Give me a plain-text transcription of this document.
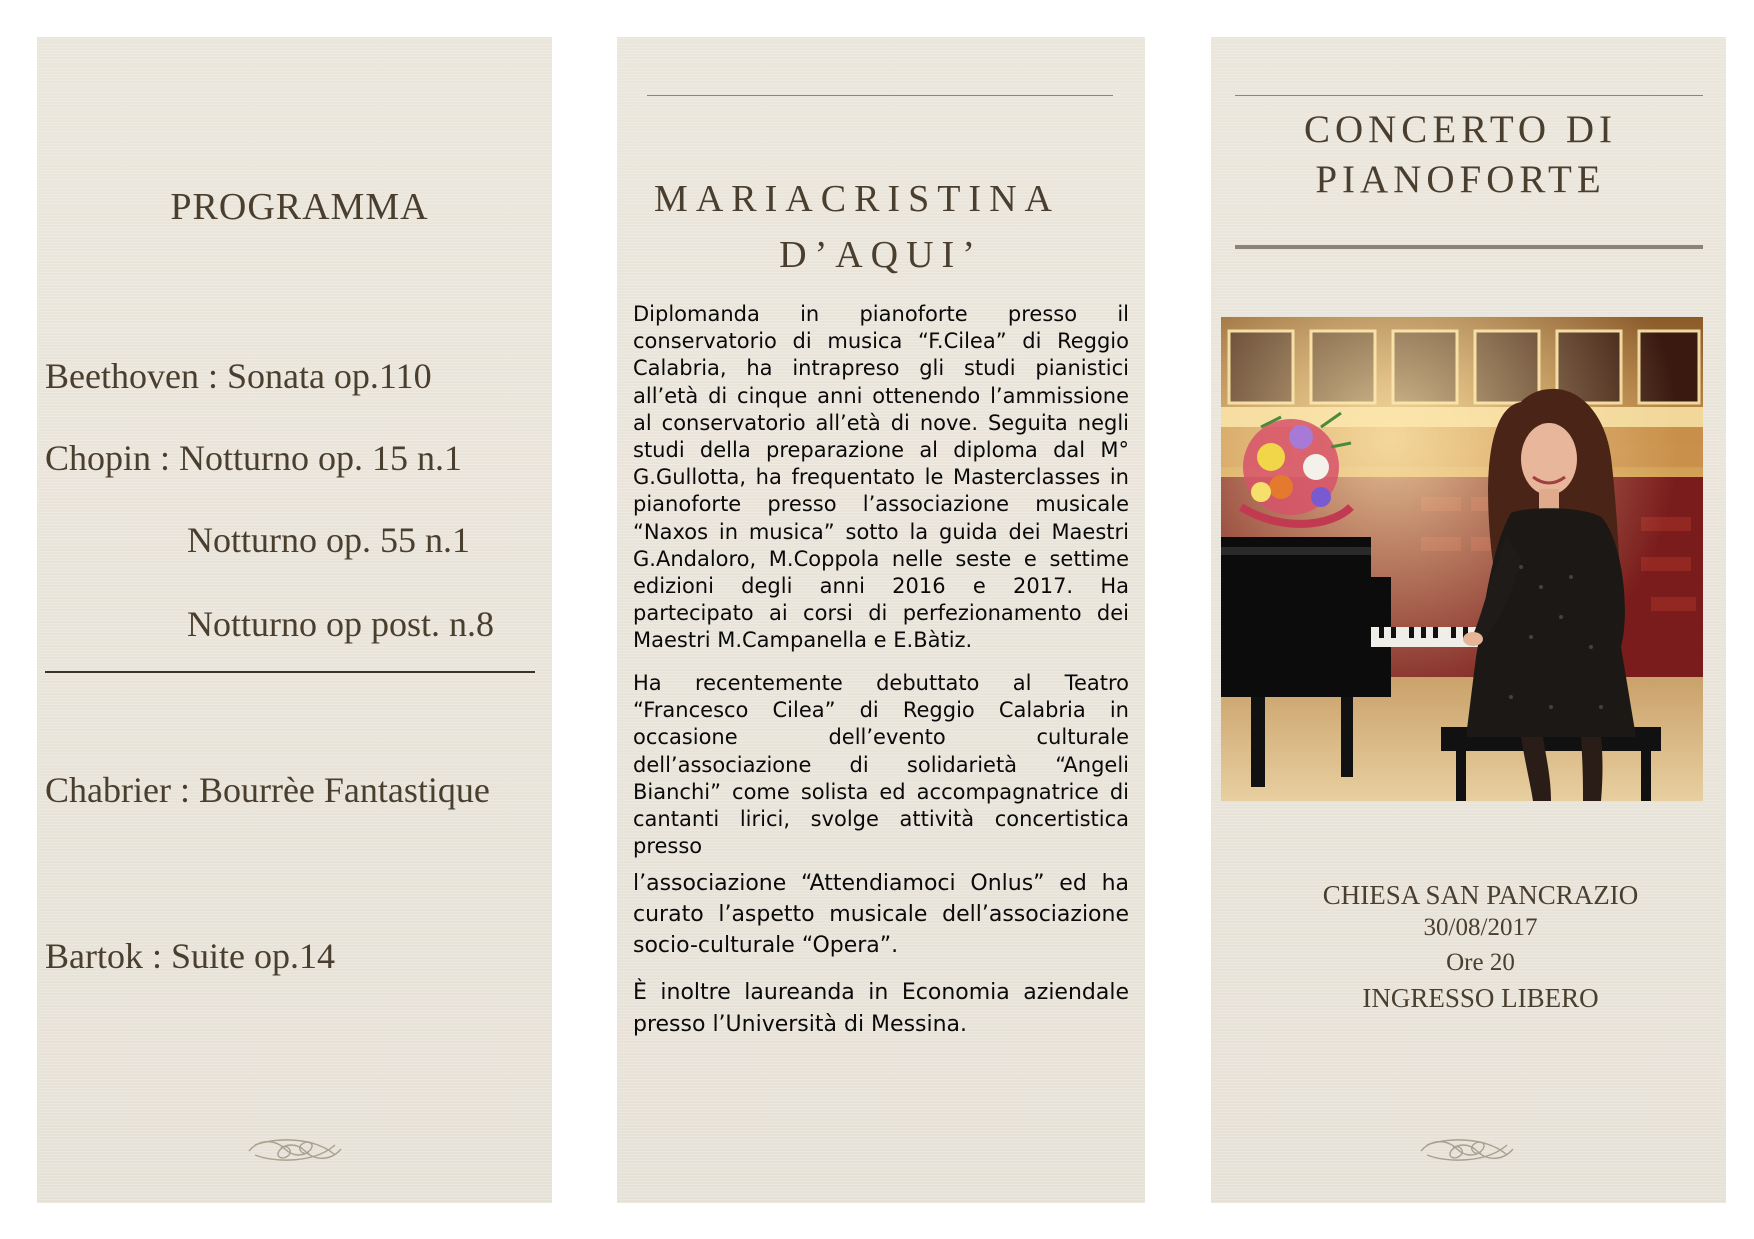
PROGRAMMA
Beethoven : Sonata op.110
Chopin : Notturno op. 15 n.1
Notturno op. 55 n.1
Notturno op post. n.8
Chabrier : Bourrèe Fantastique
Bartok : Suite op.14
MARIACRISTINA
D’AQUI’
Diplomanda in pianoforte presso il conservatorio di musica “F.Cilea” di Reggio Calabria, ha intrapreso gli studi pianistici all’età di cinque anni ottenendo l’ammissione al conservatorio all’età di nove. Seguita negli studi della preparazione al diploma dal M° G.Gullotta, ha frequentato le Masterclasses in pianoforte presso l’associazione musicale “Naxos in musica” sotto la guida dei Maestri G.Andaloro, M.Coppola nelle seste e settime edizioni degli anni 2016 e 2017. Ha partecipato ai corsi di perfezionamento dei Maestri M.Campanella e E.Bàtiz.
Ha recentemente debuttato al Teatro “Francesco Cilea” di Reggio Calabria in occasione dell’evento culturale dell’associazione di solidarietà “Angeli Bianchi” come solista ed accompagnatrice di cantanti lirici, svolge attività concertistica presso
l’associazione “Attendiamoci Onlus” ed ha curato l’aspetto musicale dell’associazione socio-culturale “Opera”.
È inoltre laureanda in Economia aziendale presso l’Università di Messina.
CONCERTO DI
PIANOFORTE
CHIESA SAN PANCRAZIO
30/08/2017
Ore 20
INGRESSO LIBERO
